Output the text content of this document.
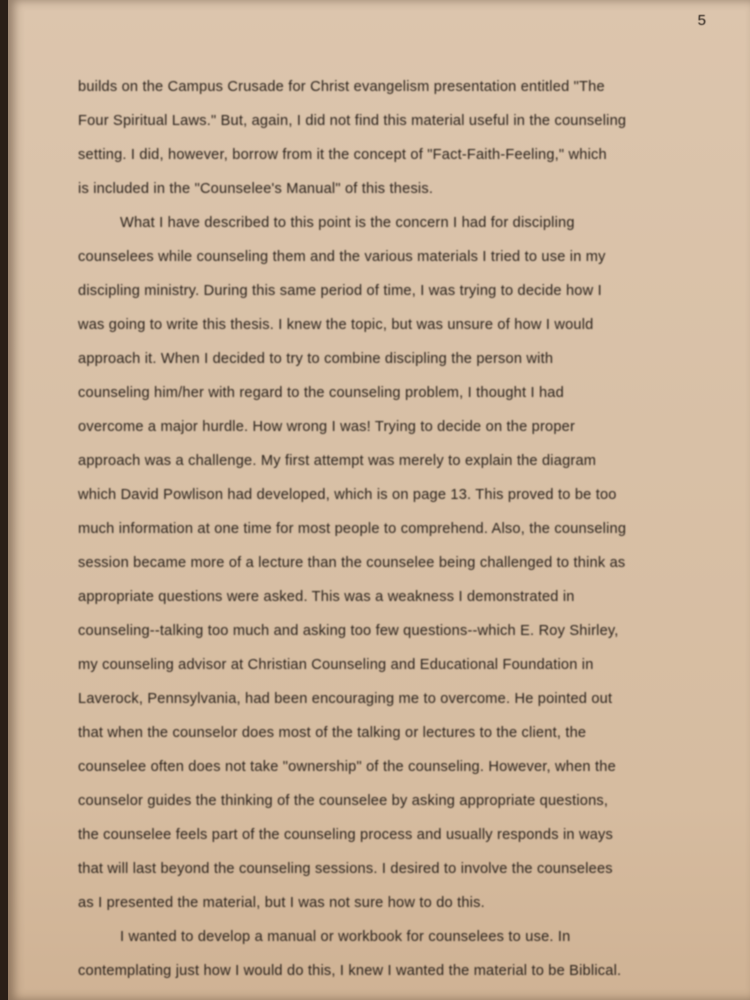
5
builds on the Campus Crusade for Christ evangelism presentation entitled "The
Four Spiritual Laws." But, again, I did not find this material useful in the counseling
setting. I did, however, borrow from it the concept of "Fact-Faith-Feeling," which
is included in the "Counselee's Manual" of this thesis.
What I have described to this point is the concern I had for discipling
counselees while counseling them and the various materials I tried to use in my
discipling ministry. During this same period of time, I was trying to decide how I
was going to write this thesis. I knew the topic, but was unsure of how I would
approach it. When I decided to try to combine discipling the person with
counseling him/her with regard to the counseling problem, I thought I had
overcome a major hurdle. How wrong I was! Trying to decide on the proper
approach was a challenge. My first attempt was merely to explain the diagram
which David Powlison had developed, which is on page 13. This proved to be too
much information at one time for most people to comprehend. Also, the counseling
session became more of a lecture than the counselee being challenged to think as
appropriate questions were asked. This was a weakness I demonstrated in
counseling--talking too much and asking too few questions--which E. Roy Shirley,
my counseling advisor at Christian Counseling and Educational Foundation in
Laverock, Pennsylvania, had been encouraging me to overcome. He pointed out
that when the counselor does most of the talking or lectures to the client, the
counselee often does not take "ownership" of the counseling. However, when the
counselor guides the thinking of the counselee by asking appropriate questions,
the counselee feels part of the counseling process and usually responds in ways
that will last beyond the counseling sessions. I desired to involve the counselees
as I presented the material, but I was not sure how to do this.
I wanted to develop a manual or workbook for counselees to use. In
contemplating just how I would do this, I knew I wanted the material to be Biblical.
